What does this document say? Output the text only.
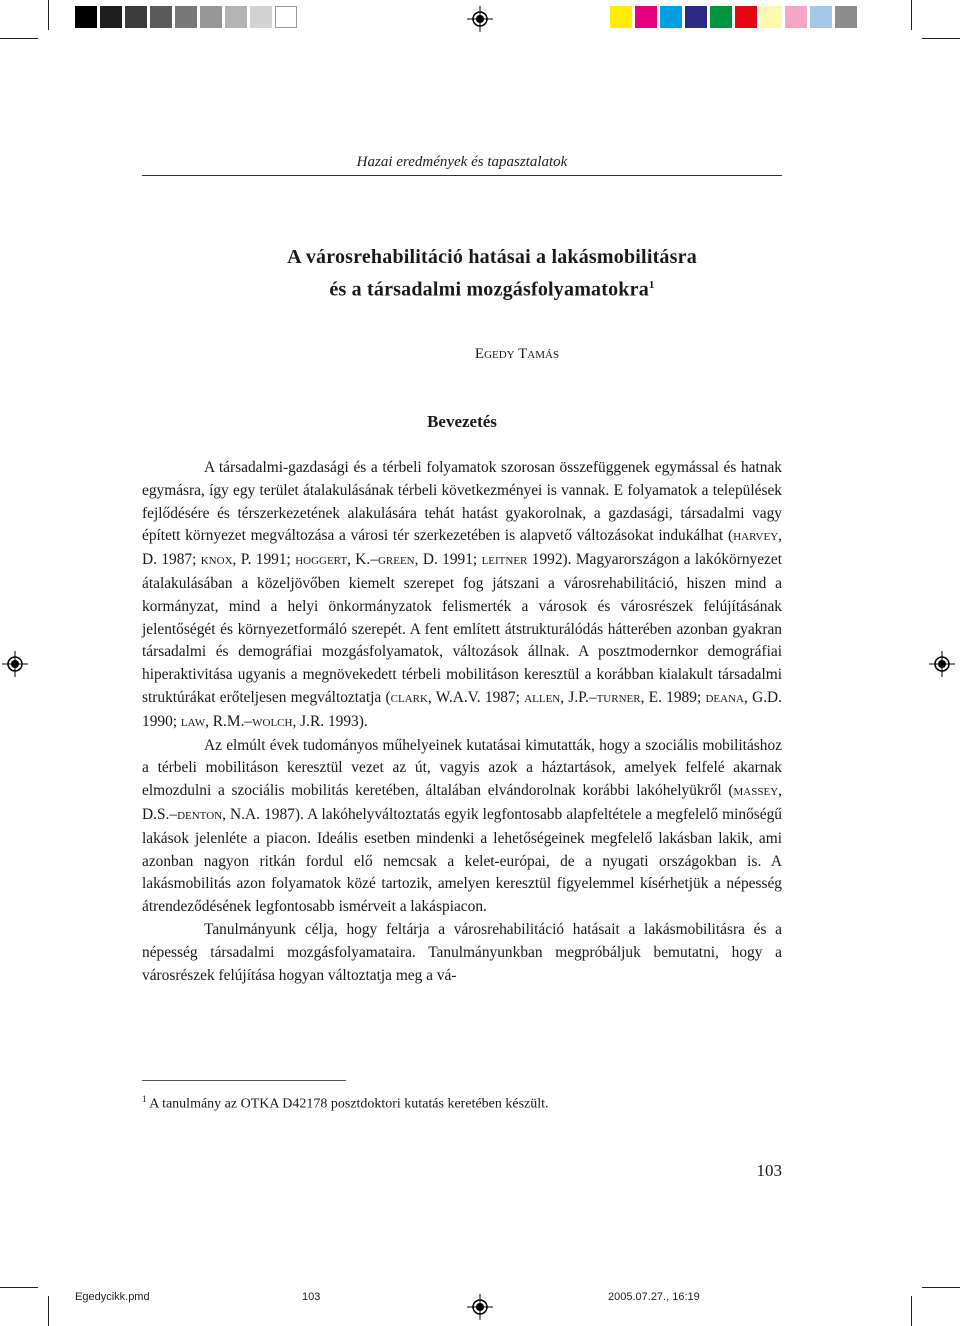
Hazai eredmények és tapasztalatok
A városrehabilitáció hatásai a lakásmobilitásra
és a társadalmi mozgásfolyamatokra$^1$
EGEDY TAMÁS
Bevezetés

A társadalmi-gazdasági és a térbeli folyamatok szorosan összefüggenek egymással és hatnak egymásra, így egy terület átalakulásának térbeli következményei is vannak. E folyamatok a települések fejlődésére és térszerkezetének alakulására tehát hatást gyakorolnak, a gazdasági, társadalmi vagy épített környezet megváltozása a városi tér szerkezetében is alapvető változásokat indukálhat (HARVEY, D. 1987; KNOX, P. 1991; HOGGERT, K.–GREEN, D. 1991; LEITNER 1992). Magyarországon a lakókörnyezet átalakulásában a közeljövőben kiemelt szerepet fog játszani a városrehabilitáció, hiszen mind a kormányzat, mind a helyi önkormányzatok felismerték a városok és városrészek felújításának jelentőségét és környezetformáló szerepét. A fent említett átstrukturálódás hátterében azonban gyakran társadalmi és demográfiai mozgásfolyamatok, változások állnak. A posztmodernkor demográfiai hiperaktivitása ugyanis a megnövekedett térbeli mobilitáson keresztül a korábban kialakult társadalmi struktúrákat erőteljesen megváltoztatja (CLARK, W.A.V. 1987; ALLEN, J.P.–TURNER, E. 1989; DEANA, G.D. 1990; LAW, R.M.–WOLCH, J.R. 1993).

Az elmúlt évek tudományos műhelyeinek kutatásai kimutatták, hogy a szociális mobilitáshoz a térbeli mobilitáson keresztül vezet az út, vagyis azok a háztartások, amelyek felfelé akarnak elmozdulni a szociális mobilitás keretében, általában elvándorolnak korábbi lakóhelyükről (MASSEY, D.S.–DENTON, N.A. 1987). A lakóhelyváltoztatás egyik legfontosabb alapfeltétele a megfelelő minőségű lakások jelenléte a piacon. Ideális esetben mindenki a lehetőségeinek megfelelő lakásban lakik, ami azonban nagyon ritkán fordul elő nemcsak a kelet-európai, de a nyugati országokban is. A lakásmobilitás azon folyamatok közé tartozik, amelyen keresztül figyelemmel kísérhetjük a népesség átrendeződésének legfontosabb ismérveit a lakáspiacon.

Tanulmányunk célja, hogy feltárja a városrehabilitáció hatásait a lakásmobilitásra és a népesség társadalmi mozgásfolyamataira. Tanulmányunkban megpróbáljuk bemutatni, hogy a városrészek felújítása hogyan változtatja meg a vá-

$^1$ A tanulmány az OTKA D42178 posztdoktori kutatás keretében készült.
103
Egedycikk.pmd	103	2005.07.27., 16:19
